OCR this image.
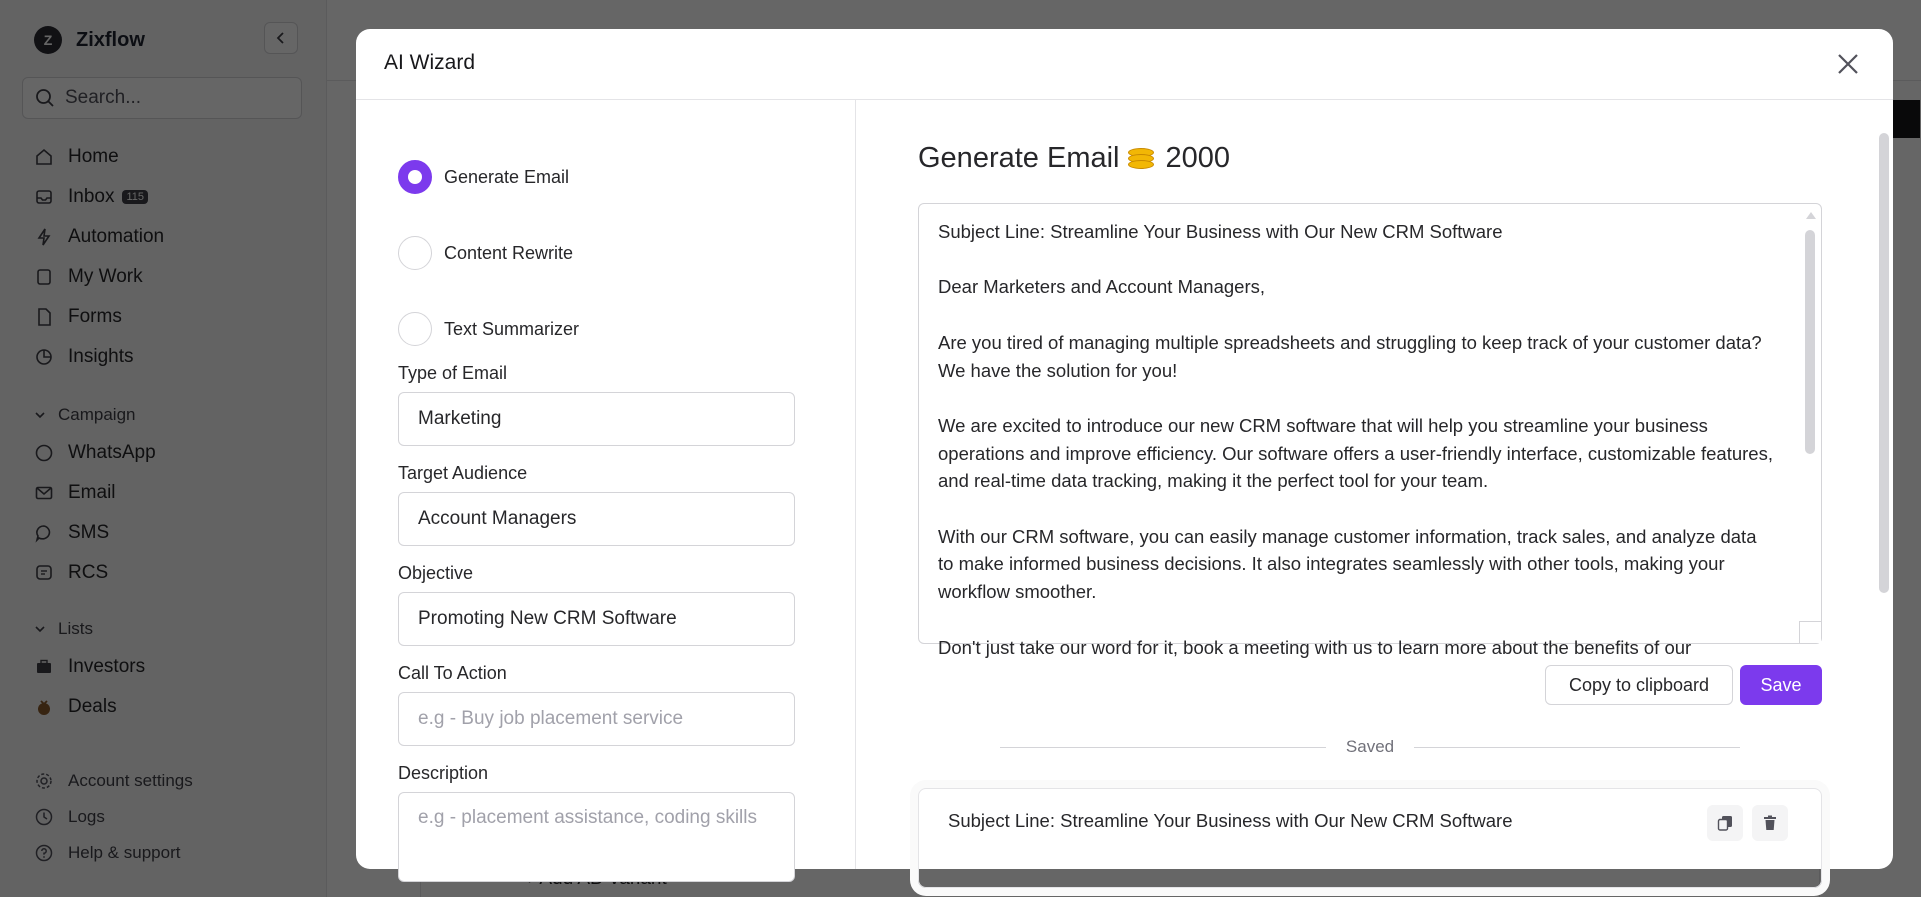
AI Wizard
Generate Email
Content Rewrite
Text Summarizer
Type of Email
Marketing
Target Audience
Account Managers
Objective
Promoting New CRM Software
Call To Action
e.g - Buy job placement service
Description
e.g - placement assistance, coding skills
Generate Email 2000
Subject Line: Streamline Your Business with Our New CRM Software

Dear Marketers and Account Managers,

Are you tired of managing multiple spreadsheets and struggling to keep track of your customer data? We have the solution for you!

We are excited to introduce our new CRM software that will help you streamline your business operations and improve efficiency. Our software offers a user-friendly interface, customizable features, and real-time data tracking, making it the perfect tool for your team.

With our CRM software, you can easily manage customer information, track sales, and analyze data to make informed business decisions. It also integrates seamlessly with other tools, making your workflow smoother.

Don't just take our word for it, book a meeting with us to learn more about the benefits of our
Copy to clipboard	Save
Saved
Subject Line: Streamline Your Business with Our New CRM Software
